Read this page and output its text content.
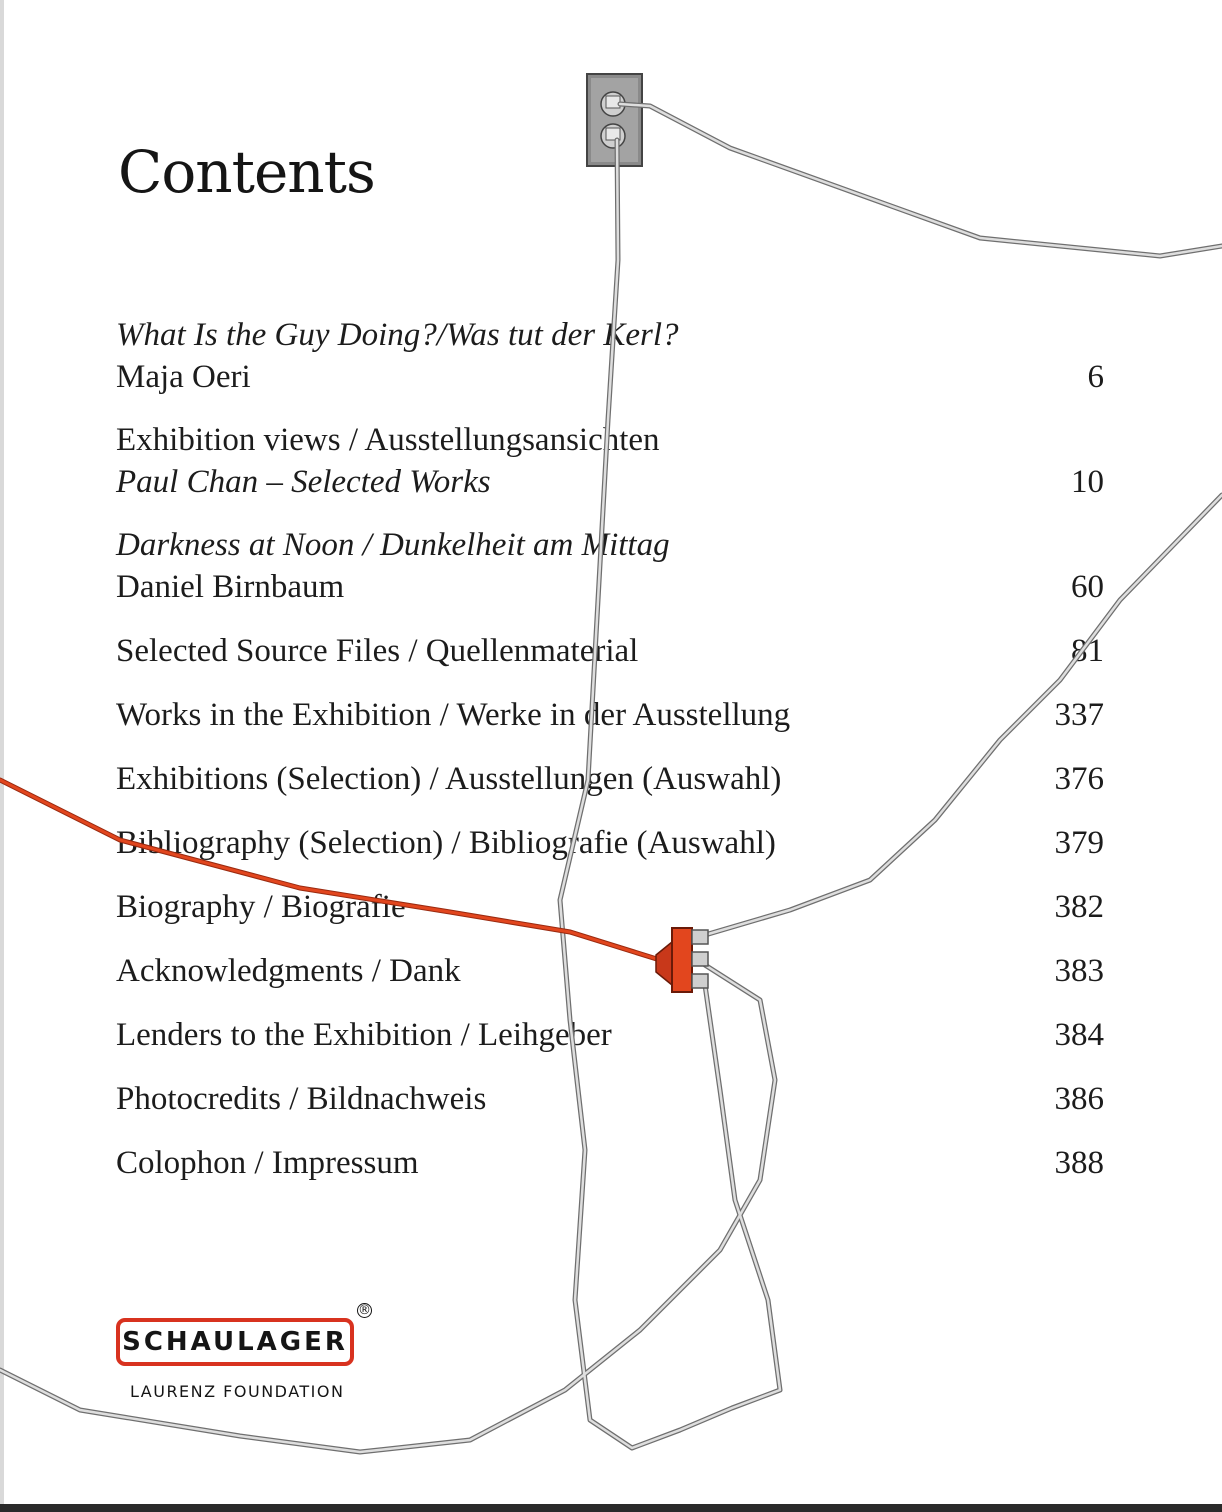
Contents
What Is the Guy Doing?/Was tut der Kerl?
Maja Oeri	6
Exhibition views / Ausstellungsansichten
Paul Chan – Selected Works	10
Darkness at Noon / Dunkelheit am Mittag
Daniel Birnbaum	60
Selected Source Files / Quellenmaterial	81
Works in the Exhibition / Werke in der Ausstellung	337
Exhibitions (Selection) / Ausstellungen (Auswahl)	376
Bibliography (Selection) / Bibliografie (Auswahl)	379
Biography / Biografie	382
Acknowledgments / Dank	383
Lenders to the Exhibition / Leihgeber	384
Photocredits / Bildnachweis	386
Colophon / Impressum	388
SCHAULAGER
®
LAURENZ FOUNDATION
